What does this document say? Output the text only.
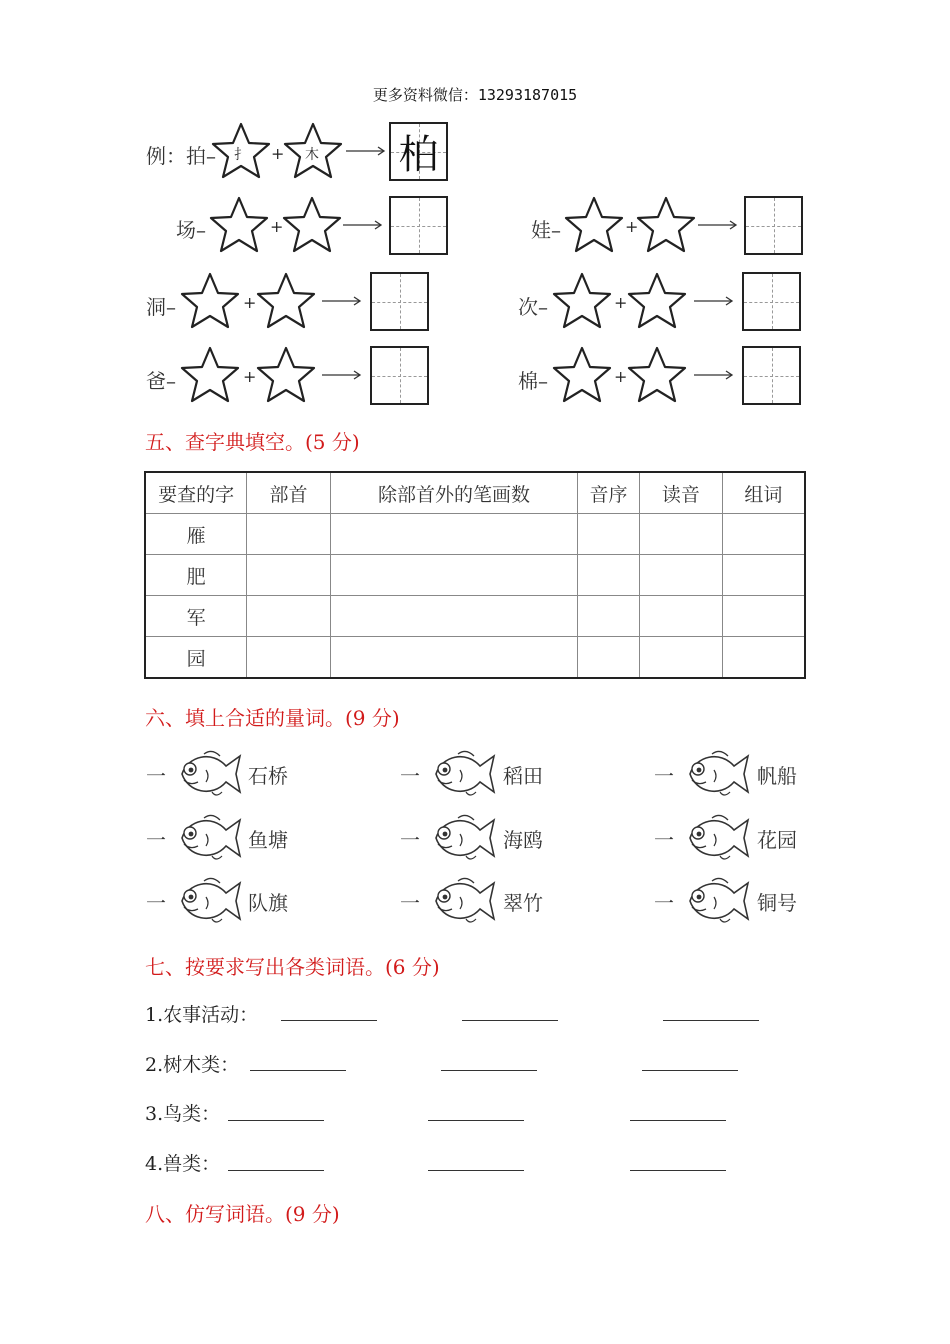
更多资料微信：13293187015
例：拍– 扌 + 木 柏
场–	+	娃–	+
洞–	+	次–	+
爸–	+	棉–	+
五、查字典填空。(5 分)
要查的字	部首	除部首外的笔画数	音序	读音	组词
雁					
肥					
军					
园					
六、填上合适的量词。(9 分)
一	石桥	一	稻田	一	帆船
一	鱼塘	一	海鸥	一	花园
一	队旗	一	翠竹	一	铜号
七、按要求写出各类词语。(6 分)
1.农事活动：
2.树木类：
3.鸟类：
4.兽类：
八、仿写词语。(9 分)
